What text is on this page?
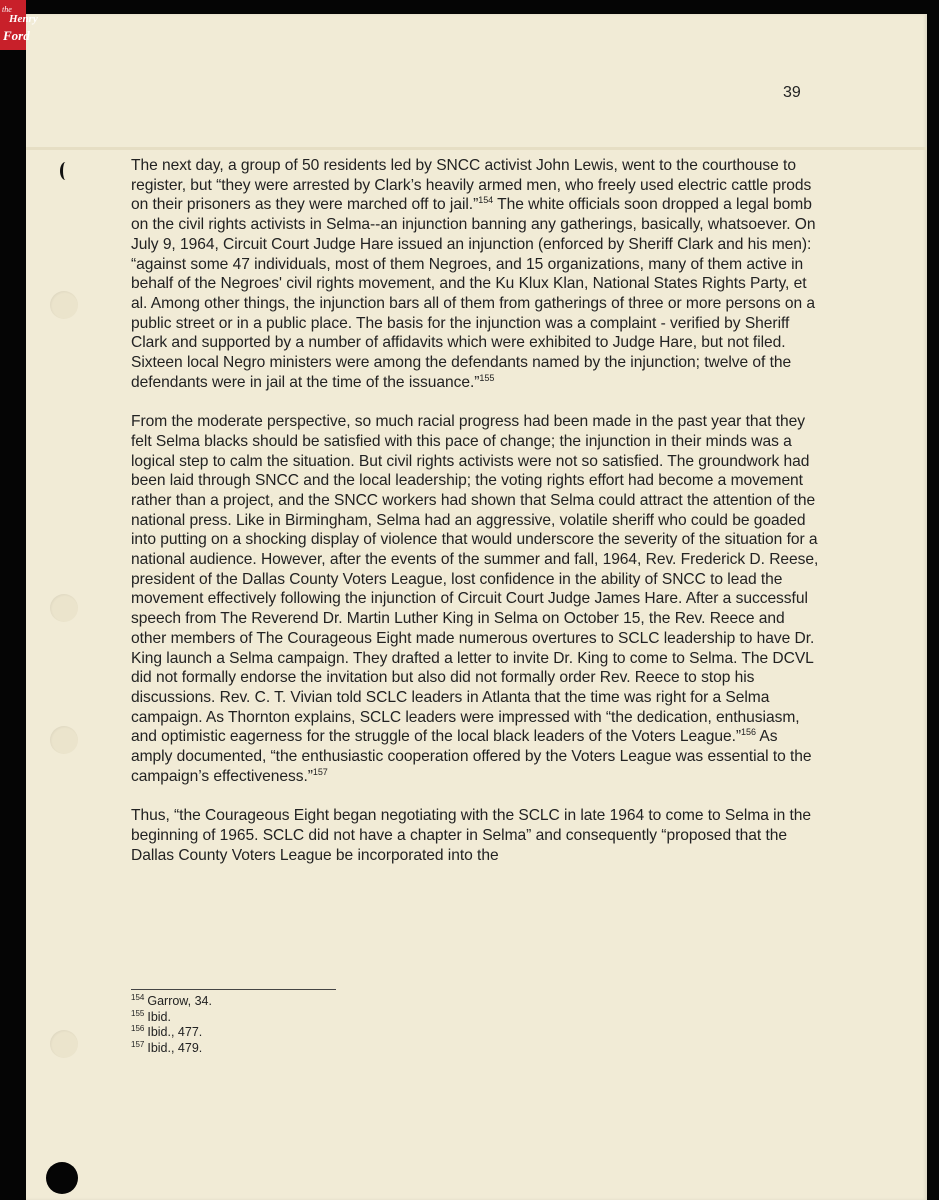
the
Henry
Ford
39

The next day, a group of 50 residents led by SNCC activist John Lewis, went to the courthouse to register, but “they were arrested by Clark’s heavily armed men, who freely used electric cattle prods on their prisoners as they were marched off to jail.”$^{154}$ The white officials soon dropped a legal bomb on the civil rights activists in Selma--an injunction banning any gatherings, basically, whatsoever. On July 9, 1964, Circuit Court Judge Hare issued an injunction (enforced by Sheriff Clark and his men): “against some 47 individuals, most of them Negroes, and 15 organizations, many of them active in behalf of the Negroes' civil rights movement, and the Ku Klux Klan, National States Rights Party, et al. Among other things, the injunction bars all of them from gatherings of three or more persons on a public street or in a public place. The basis for the injunction was a complaint - verified by Sheriff Clark and supported by a number of affidavits which were exhibited to Judge Hare, but not filed. Sixteen local Negro ministers were among the defendants named by the injunction; twelve of the defendants were in jail at the time of the issuance.”$^{155}$

From the moderate perspective, so much racial progress had been made in the past year that they felt Selma blacks should be satisfied with this pace of change; the injunction in their minds was a logical step to calm the situation. But civil rights activists were not so satisfied. The groundwork had been laid through SNCC and the local leadership; the voting rights effort had become a movement rather than a project, and the SNCC workers had shown that Selma could attract the attention of the national press. Like in Birmingham, Selma had an aggressive, volatile sheriff who could be goaded into putting on a shocking display of violence that would underscore the severity of the situation for a national audience. However, after the events of the summer and fall, 1964, Rev. Frederick D. Reese, president of the Dallas County Voters League, lost confidence in the ability of SNCC to lead the movement effectively following the injunction of Circuit Court Judge James Hare. After a successful speech from The Reverend Dr. Martin Luther King in Selma on October 15, the Rev. Reece and other members of The Courageous Eight made numerous overtures to SCLC leadership to have Dr. King launch a Selma campaign. They drafted a letter to invite Dr. King to come to Selma. The DCVL did not formally endorse the invitation but also did not formally order Rev. Reece to stop his discussions. Rev. C. T. Vivian told SCLC leaders in Atlanta that the time was right for a Selma campaign. As Thornton explains, SCLC leaders were impressed with “the dedication, enthusiasm, and optimistic eagerness for the struggle of the local black leaders of the Voters League.”$^{156}$ As amply documented, “the enthusiastic cooperation offered by the Voters League was essential to the campaign’s effectiveness.”$^{157}$

Thus, “the Courageous Eight began negotiating with the SCLC in late 1964 to come to Selma in the beginning of 1965. SCLC did not have a chapter in Selma” and consequently “proposed that the Dallas County Voters League be incorporated into the

$^{154}$ Garrow, 34.
$^{155}$ Ibid.
$^{156}$ Ibid., 477.
$^{157}$ Ibid., 479.
